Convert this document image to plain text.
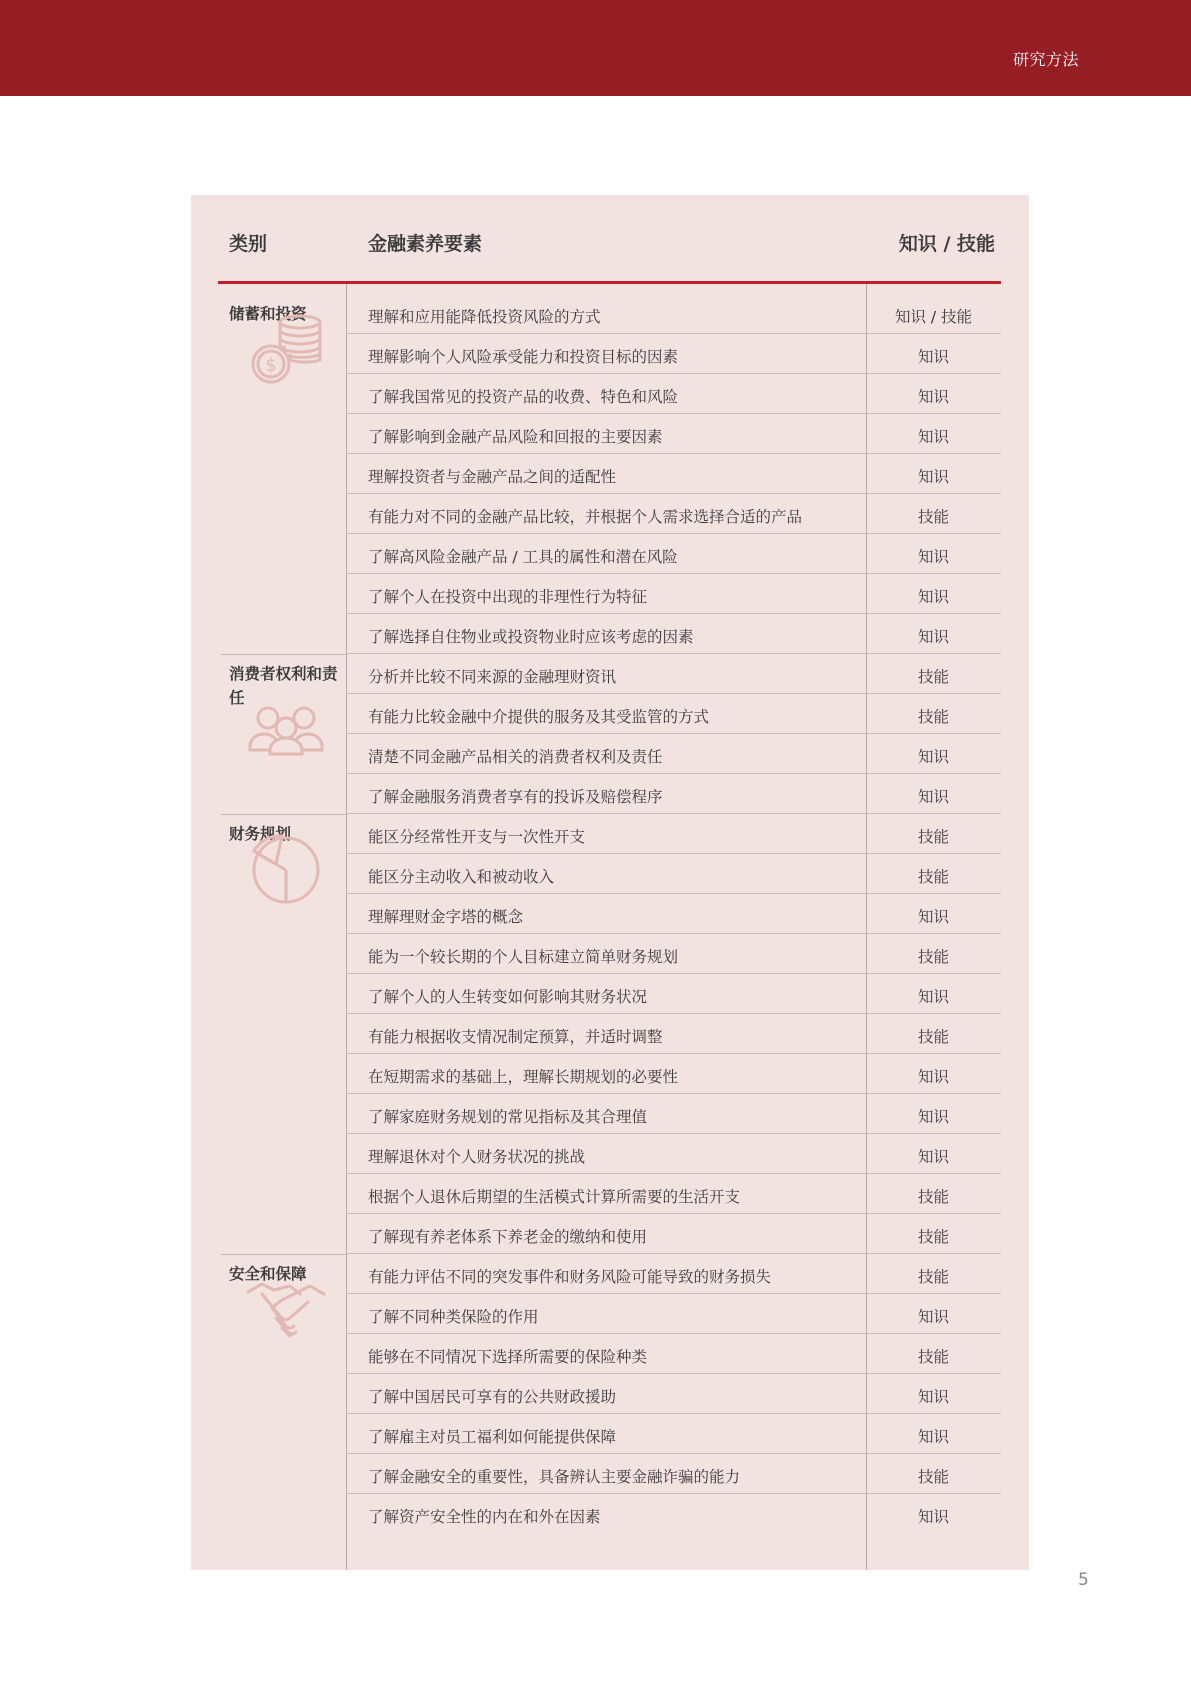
研究方法
类别	金融素养要素	知识 / 技能
储蓄和投资
$
理解和应用能降低投资风险的方式	知识 / 技能
理解影响个人风险承受能力和投资目标的因素	知识
了解我国常见的投资产品的收费、特色和风险	知识
了解影响到金融产品风险和回报的主要因素	知识
理解投资者与金融产品之间的适配性	知识
有能力对不同的金融产品比较，并根据个人需求选择合适的产品	技能
了解高风险金融产品 / 工具的属性和潜在风险	知识
了解个人在投资中出现的非理性行为特征	知识
了解选择自住物业或投资物业时应该考虑的因素	知识
消费者权利和责任
分析并比较不同来源的金融理财资讯	技能
有能力比较金融中介提供的服务及其受监管的方式	技能
清楚不同金融产品相关的消费者权利及责任	知识
了解金融服务消费者享有的投诉及赔偿程序	知识
财务规划	能区分经常性开支与一次性开支	技能
能区分主动收入和被动收入	技能
理解理财金字塔的概念	知识
能为一个较长期的个人目标建立简单财务规划	技能
了解个人的人生转变如何影响其财务状况	知识
有能力根据收支情况制定预算，并适时调整	技能
在短期需求的基础上，理解长期规划的必要性	知识
了解家庭财务规划的常见指标及其合理值	知识
理解退休对个人财务状况的挑战	知识
根据个人退休后期望的生活模式计算所需要的生活开支	技能
了解现有养老体系下养老金的缴纳和使用	技能
安全和保障	有能力评估不同的突发事件和财务风险可能导致的财务损失	技能
了解不同种类保险的作用	知识
能够在不同情况下选择所需要的保险种类	技能
了解中国居民可享有的公共财政援助	知识
了解雇主对员工福利如何能提供保障	知识
了解金融安全的重要性，具备辨认主要金融诈骗的能力	技能
了解资产安全性的内在和外在因素	知识
5
